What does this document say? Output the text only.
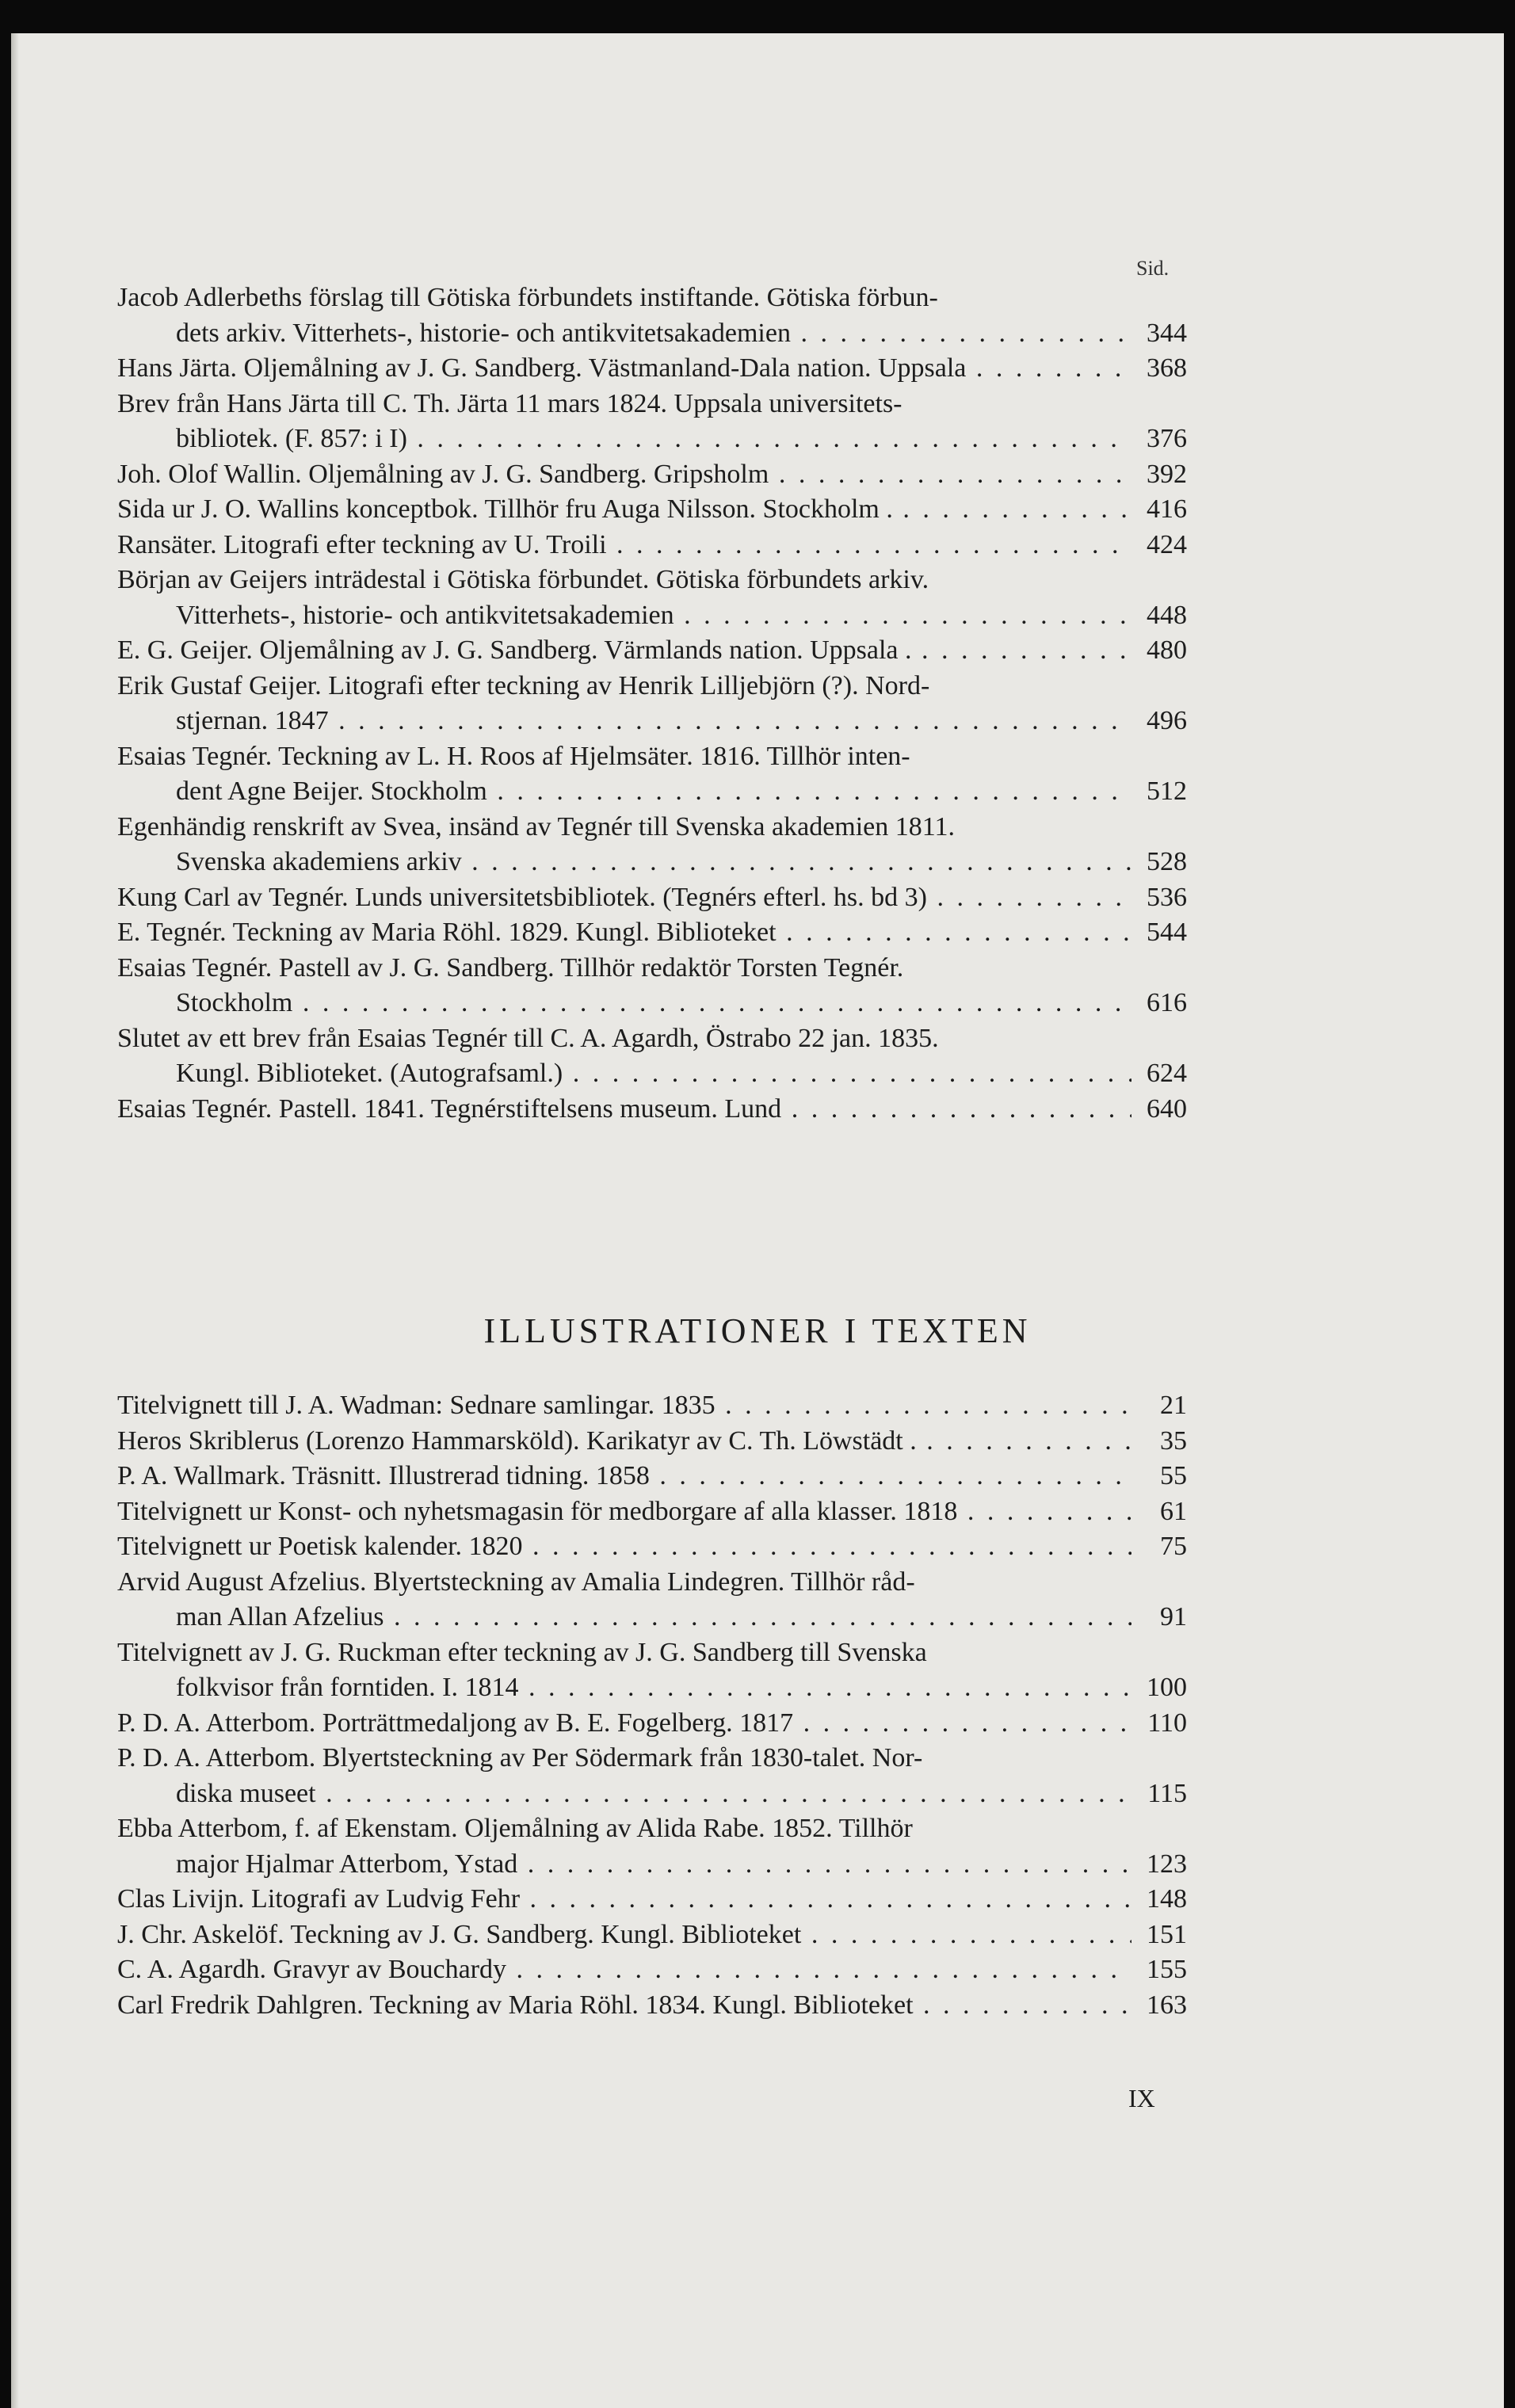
Sid.
Jacob Adlerbeths förslag till Götiska förbundets instiftande. Götiska förbun-
dets arkiv. Vitterhets-, historie- och antikvitetsakademien . . .	344
Hans Järta. Oljemålning av J. G. Sandberg. Västmanland-Dala nation. Uppsala . . .	368
Brev från Hans Järta till C. Th. Järta 11 mars 1824. Uppsala universitets-
bibliotek. (F. 857: i I) . . .	376
Joh. Olof Wallin. Oljemålning av J. G. Sandberg. Gripsholm . . .	392
Sida ur J. O. Wallins konceptbok. Tillhör fru Auga Nilsson. Stockholm . . . .	416
Ransäter. Litografi efter teckning av U. Troili . . .	424
Början av Geijers inträdestal i Götiska förbundet. Götiska förbundets arkiv.
Vitterhets-, historie- och antikvitetsakademien . . .	448
E. G. Geijer. Oljemålning av J. G. Sandberg. Värmlands nation. Uppsala . . . .	480
Erik Gustaf Geijer. Litografi efter teckning av Henrik Lilljebjörn (?). Nord-
stjernan. 1847 . . .	496
Esaias Tegnér. Teckning av L. H. Roos af Hjelmsäter. 1816. Tillhör inten-
dent Agne Beijer. Stockholm . . .	512
Egenhändig renskrift av Svea, insänd av Tegnér till Svenska akademien 1811.
Svenska akademiens arkiv . . .	528
Kung Carl av Tegnér. Lunds universitetsbibliotek. (Tegnérs efterl. hs. bd 3) . . .	536
E. Tegnér. Teckning av Maria Röhl. 1829. Kungl. Biblioteket . . .	544
Esaias Tegnér. Pastell av J. G. Sandberg. Tillhör redaktör Torsten Tegnér.
Stockholm . . .	616
Slutet av ett brev från Esaias Tegnér till C. A. Agardh, Östrabo 22 jan. 1835.
Kungl. Biblioteket. (Autografsaml.) . . .	624
Esaias Tegnér. Pastell. 1841. Tegnérstiftelsens museum. Lund . . .	640
ILLUSTRATIONER I TEXTEN
Titelvignett till J. A. Wadman: Sednare samlingar. 1835 . . .	21
Heros Skriblerus (Lorenzo Hammarsköld). Karikatyr av C. Th. Löwstädt . . . .	35
P. A. Wallmark. Träsnitt. Illustrerad tidning. 1858 . . .	55
Titelvignett ur Konst- och nyhetsmagasin för medborgare af alla klasser. 1818 . . .	61
Titelvignett ur Poetisk kalender. 1820 . . .	75
Arvid August Afzelius. Blyertsteckning av Amalia Lindegren. Tillhör råd-
man Allan Afzelius . . .	91
Titelvignett av J. G. Ruckman efter teckning av J. G. Sandberg till Svenska
folkvisor från forntiden. I. 1814 . . .	100
P. D. A. Atterbom. Porträttmedaljong av B. E. Fogelberg. 1817 . . .	110
P. D. A. Atterbom. Blyertsteckning av Per Södermark från 1830-talet. Nor-
diska museet . . .	115
Ebba Atterbom, f. af Ekenstam. Oljemålning av Alida Rabe. 1852. Tillhör
major Hjalmar Atterbom, Ystad . . .	123
Clas Livijn. Litografi av Ludvig Fehr . . .	148
J. Chr. Askelöf. Teckning av J. G. Sandberg. Kungl. Biblioteket . . .	151
C. A. Agardh. Gravyr av Bouchardy . . .	155
Carl Fredrik Dahlgren. Teckning av Maria Röhl. 1834. Kungl. Biblioteket . . .	163
IX
